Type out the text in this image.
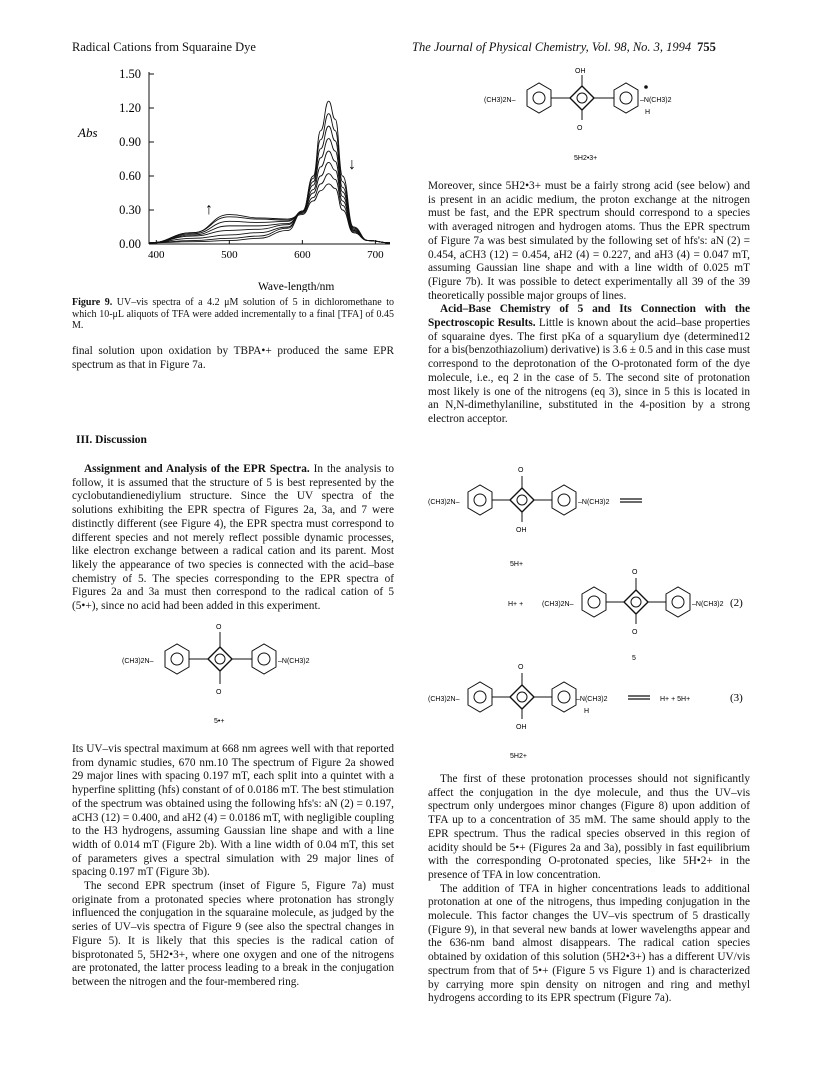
Radical Cations from Squaraine Dye	The Journal of Physical Chemistry, Vol. 98, No. 3, 1994 755
Abs
Wave-length/nm
0.00
0.30
0.60
0.90
1.20
1.50
400	500	600	700
↑
↓

Figure 9. UV–vis spectra of a 4.2 μM solution of 5 in dichloromethane to which 10-μL aliquots of TFA were added incrementally to a final [TFA] of 0.45 M.

final solution upon oxidation by TBPA•+ produced the same EPR spectrum as that in Figure 7a.

III. Discussion

Assignment and Analysis of the EPR Spectra. In the analysis to follow, it is assumed that the structure of 5 is best represented by the cyclobutandienediylium structure. Since the UV spectra of the solutions exhibiting the EPR spectra of Figures 2a, 3a, and 7 were distinctly different (see Figure 4), the EPR spectra must correspond to different species and not merely reflect possible dynamic processes, like electron exchange between a radical cation and its parent. Most likely the appearance of two species is connected with the acid–base chemistry of 5. The species corresponding to the EPR spectra of Figures 2a and 3a must then correspond to the radical cation of 5 (5•+), since no acid had been added in this experiment.

(CH3)2N–
O
O
–N(CH3)2
5•+

Its UV–vis spectral maximum at 668 nm agrees well with that reported from dynamic studies, 670 nm.10 The spectrum of Figure 2a showed 29 major lines with spacing 0.197 mT, each split into a quintet with a hyperfine splitting (hfs) constant of of 0.0186 mT. The best stimulation of the spectrum was obtained using the following hfs's: aN (2) = 0.197, aCH3 (12) = 0.400, and aH2 (4) = 0.0186 mT, with negligible coupling to the H3 hydrogens, assuming Gaussian line shape and with a line width of 0.014 mT (Figure 2b). With a line width of 0.04 mT, this set of parameters gives a spectral simulation with 29 major lines of spacing 0.197 mT (Figure 3b).

The second EPR spectrum (inset of Figure 5, Figure 7a) must originate from a protonated species where protonation has strongly influenced the conjugation in the squaraine molecule, as judged by the series of UV–vis spectra of Figure 9 (see also the spectral changes in Figure 5). It is likely that this species is the radical cation of bisprotonated 5, 5H2•3+, where one oxygen and one of the nitrogens are protonated, the latter process leading to a break in the conjugation between the nitrogen and the four-membered ring.

(CH3)2N–
OH
O
–N(CH3)2
H
5H2•3+

Moreover, since 5H2•3+ must be a fairly strong acid (see below) and is present in an acidic medium, the proton exchange at the nitrogen must be fast, and the EPR spectrum should correspond to a species with averaged nitrogen and hydrogen atoms. Thus the EPR spectrum of Figure 7a was best simulated by the following set of hfs's: aN (2) = 0.454, aCH3 (12) = 0.454, aH2 (4) = 0.227, and aH3 (4) = 0.047 mT, assuming Gaussian line shape and with a line width of 0.025 mT (Figure 7b). It was possible to detect experimentally all 39 of the 39 theoretically possible major groups of lines.

Acid–Base Chemistry of 5 and Its Connection with the Spectroscopic Results. Little is known about the acid–base properties of squaraine dyes. The first pKa of a squarylium dye (determined12 for a bis(benzothiazolium) derivative) is 3.6 ± 0.5 and in this case must correspond to the deprotonation of the O-protonated form of the dye molecule, i.e., eq 2 in the case of 5. The second site of protonation most likely is one of the nitrogens (eq 3), since in 5 this is located in an N,N-dimethylaniline, substituted in the 4-position by a strong electron acceptor.

(CH3)2N–
O
OH
–N(CH3)2
5H+
H+ +	(CH3)2N–
O
O
–N(CH3)2 (2)
5
(CH3)2N–
O
OH
–N(CH3)2
H
H+ + 5H+	(3)
5H2+

The first of these protonation processes should not significantly affect the conjugation in the dye molecule, and thus the UV–vis spectrum only undergoes minor changes (Figure 8) upon addition of TFA up to a concentration of 35 mM. The same should apply to the EPR spectrum. Thus the radical species observed in this region of acidity should be 5•+ (Figures 2a and 3a), possibly in fast equilibrium with the corresponding O-protonated species, like 5H•2+ in the presence of TFA in low concentration.

The addition of TFA in higher concentrations leads to additional protonation at one of the nitrogens, thus impeding conjugation in the molecule. This factor changes the UV–vis spectrum of 5 drastically (Figure 9), in that several new bands at lower wavelengths appear and the 636-nm band almost disappears. The radical cation species obtained by oxidation of this solution (5H2•3+) has a different UV/vis spectrum from that of 5•+ (Figure 5 vs Figure 1) and is characterized by carrying more spin density on nitrogen and ring and methyl hydrogens according to its EPR spectrum (Figure 7a).
